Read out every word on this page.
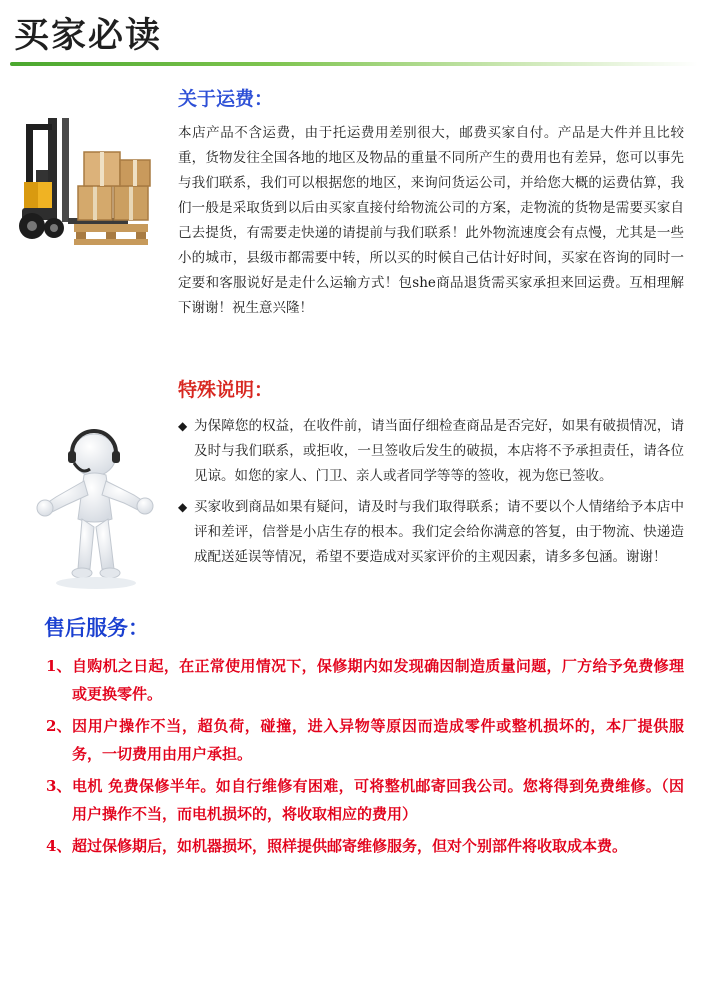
买家必读
关于运费：
本店产品不含运费，由于托运费用差别很大，邮费买家自付。产品是大件并且比较重，货物发往全国各地的地区及物品的重量不同所产生的费用也有差异，您可以事先与我们联系，我们可以根据您的地区，来询问货运公司，并给您大概的运费估算，我们一般是采取货到以后由买家直接付给物流公司的方案，走物流的货物是需要买家自己去提货，有需要走快递的请提前与我们联系！此外物流速度会有点慢，尤其是一些小的城市，县级市都需要中转，所以买的时候自己估计好时间，买家在咨询的同时一定要和客服说好是走什么运输方式！包she商品退货需买家承担来回运费。互相理解下谢谢！祝生意兴隆！
特殊说明：
◆ 为保障您的权益，在收件前，请当面仔细检查商品是否完好，如果有破损情况，请及时与我们联系，或拒收，一旦签收后发生的破损，本店将不予承担责任，请各位见谅。如您的家人、门卫、亲人或者同学等等的签收，视为您已签收。
◆ 买家收到商品如果有疑问，请及时与我们取得联系；请不要以个人情绪给予本店中评和差评，信誉是小店生存的根本。我们定会给你满意的答复，由于物流、快递造成配送延误等情况，希望不要造成对买家评价的主观因素，请多多包涵。谢谢！
售后服务：
1、 自购机之日起，在正常使用情况下，保修期内如发现确因制造质量问题，厂方给予免费修理或更换零件。
2、 因用户操作不当，超负荷，碰撞，进入异物等原因而造成零件或整机损坏的，本厂提供服务，一切费用由用户承担。
3、 电机 免费保修半年。如自行维修有困难，可将整机邮寄回我公司。您将得到免费维修。（因用户操作不当，而电机损坏的，将收取相应的费用）
4、 超过保修期后，如机器损坏，照样提供邮寄维修服务，但对个别部件将收取成本费。
